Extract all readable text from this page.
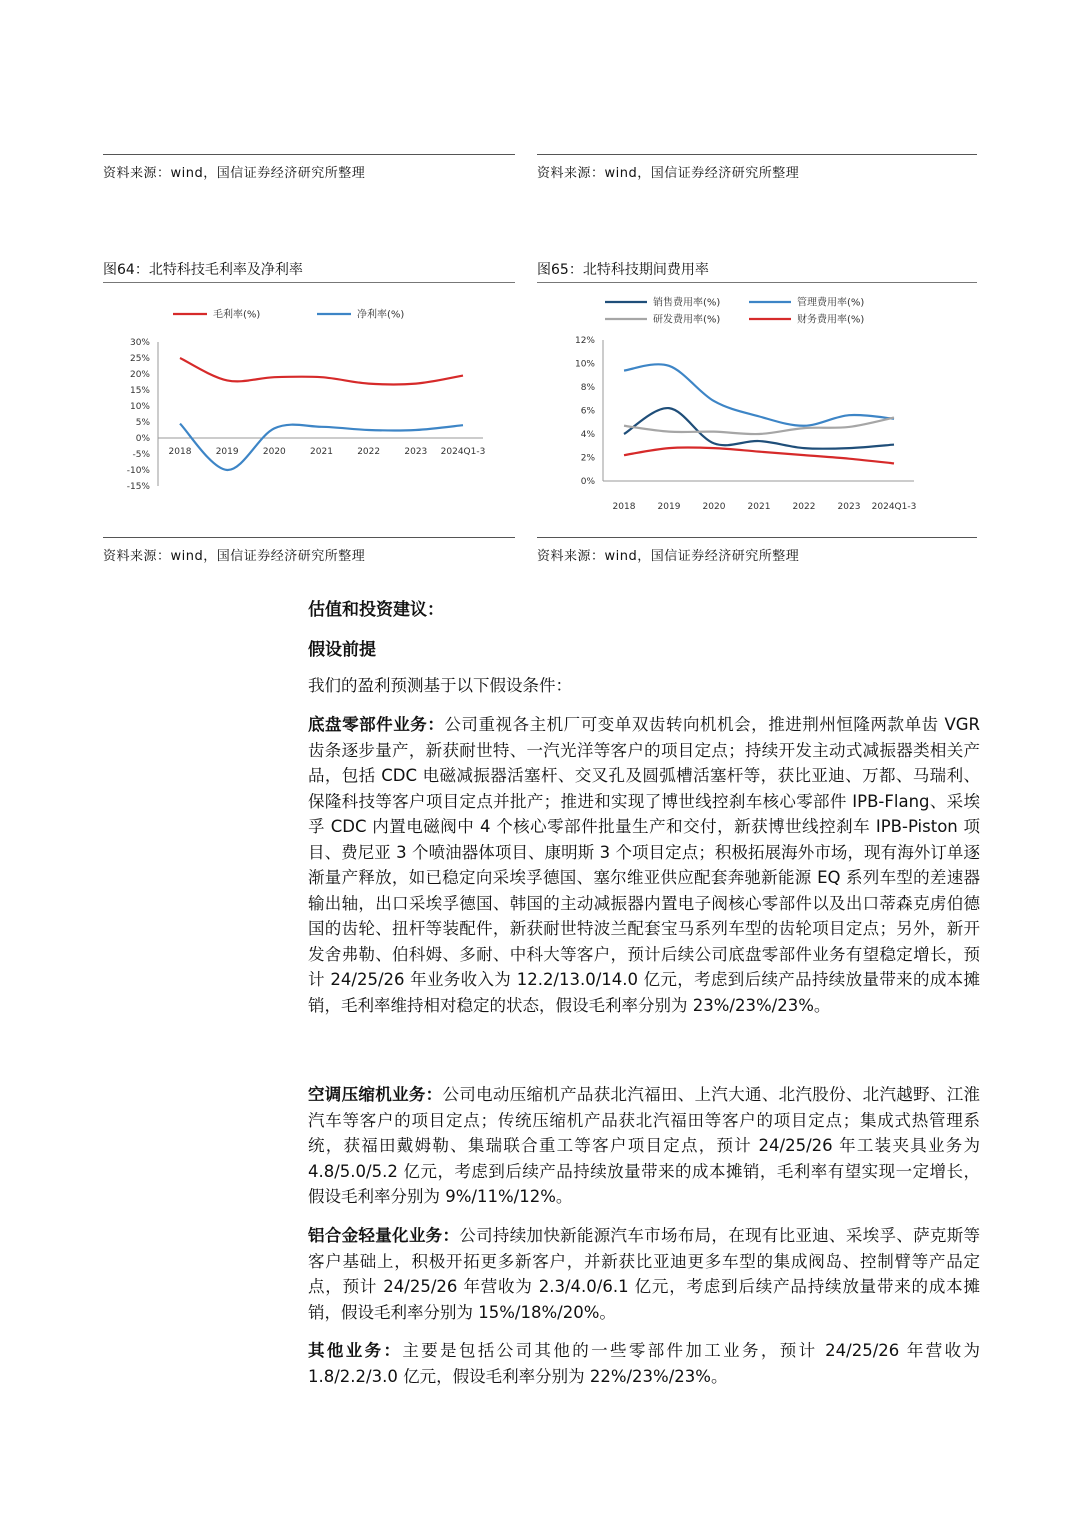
资料来源：wind，国信证券经济研究所整理	资料来源：wind，国信证券经济研究所整理
图64：北特科技毛利率及净利率	图65：北特科技期间费用率
30%
25%
20%
15%
10%
5%
0%
-5%
-10%
-15%
2018	2019	2020	2021	2022	2023 2024Q1-3
毛利率(%)	净利率(%)
12%
10%
8%
6%
4%
2%
0%
2018 2019 2020 2021 2022 2023 2024Q1-3
销售费用率(%)	管理费用率(%)
研发费用率(%)	财务费用率(%)
资料来源：wind，国信证券经济研究所整理	资料来源：wind，国信证券经济研究所整理
估值和投资建议：
假设前提
我们的盈利预测基于以下假设条件：

底盘零部件业务：公司重视各主机厂可变单双齿转向机机会，推进荆州恒隆两款单齿 VGR 齿条逐步量产，新获耐世特、一汽光洋等客户的项目定点；持续开发主动式减振器类相关产品，包括 CDC 电磁减振器活塞杆、交叉孔及圆弧槽活塞杆等，获比亚迪、万都、马瑞利、保隆科技等客户项目定点并批产；推进和实现了博世线控刹车核心零部件 IPB-Flang、采埃孚 CDC 内置电磁阀中 4 个核心零部件批量生产和交付，新获博世线控刹车 IPB-Piston 项目、费尼亚 3 个喷油器体项目、康明斯 3 个项目定点；积极拓展海外市场，现有海外订单逐渐量产释放，如已稳定向采埃孚德国、塞尔维亚供应配套奔驰新能源 EQ 系列车型的差速器输出轴，出口采埃孚德国、韩国的主动减振器内置电子阀核心零部件以及出口蒂森克虏伯德国的齿轮、扭杆等装配件，新获耐世特波兰配套宝马系列车型的齿轮项目定点；另外，新开发舍弗勒、伯科姆、多耐、中科大等客户，预计后续公司底盘零部件业务有望稳定增长，预计 24/25/26 年业务收入为 12.2/13.0/14.0 亿元，考虑到后续产品持续放量带来的成本摊销，毛利率维持相对稳定的状态，假设毛利率分别为 23%/23%/23%。

空调压缩机业务：公司电动压缩机产品获北汽福田、上汽大通、北汽股份、北汽越野、江淮汽车等客户的项目定点；传统压缩机产品获北汽福田等客户的项目定点；集成式热管理系统，获福田戴姆勒、集瑞联合重工等客户项目定点，预计 24/25/26 年工装夹具业务为 4.8/5.0/5.2 亿元，考虑到后续产品持续放量带来的成本摊销，毛利率有望实现一定增长，假设毛利率分别为 9%/11%/12%。

铝合金轻量化业务：公司持续加快新能源汽车市场布局，在现有比亚迪、采埃孚、萨克斯等客户基础上，积极开拓更多新客户，并新获比亚迪更多车型的集成阀岛、控制臂等产品定点，预计 24/25/26 年营收为 2.3/4.0/6.1 亿元，考虑到后续产品持续放量带来的成本摊销，假设毛利率分别为 15%/18%/20%。

其他业务：主要是包括公司其他的一些零部件加工业务，预计 24/25/26 年营收为 1.8/2.2/3.0 亿元，假设毛利率分别为 22%/23%/23%。
